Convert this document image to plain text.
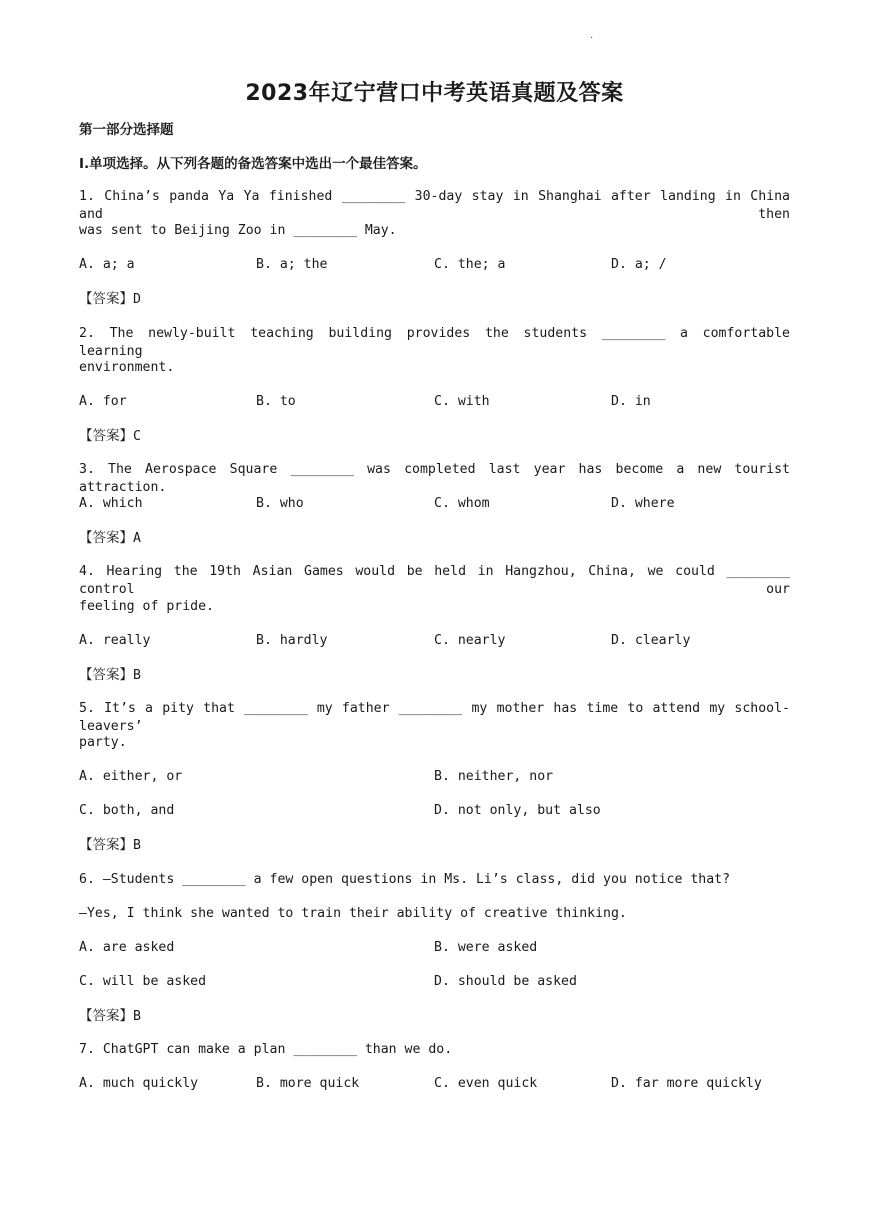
.
2023年辽宁营口中考英语真题及答案
第一部分选择题
Ⅰ.单项选择。从下列各题的备选答案中选出一个最佳答案。
1. China’s panda Ya Ya finished ________ 30-day stay in Shanghai after landing in China and then
was sent to Beijing Zoo in ________ May.
A. a; a	B. a; the	C. the; a	D. a; /
【答案】D
2. The newly-built teaching building provides the students ________ a comfortable learning
environment.
A. for	B. to	C. with	D. in
【答案】C
3. The Aerospace Square ________ was completed last year has become a new tourist attraction.
A. which	B. who	C. whom	D. where
【答案】A
4. Hearing the 19th Asian Games would be held in Hangzhou, China, we could ________ control our
feeling of pride.
A. really	B. hardly	C. nearly	D. clearly
【答案】B
5. It’s a pity that ________ my father ________ my mother has time to attend my school-leavers’
party.
A. either, or	B. neither, nor
C. both, and	D. not only, but also
【答案】B
6. —Students ________ a few open questions in Ms. Li’s class, did you notice that?
—Yes, I think she wanted to train their ability of creative thinking.
A. are asked	B. were asked
C. will be asked	D. should be asked
【答案】B
7. ChatGPT can make a plan ________ than we do.
A. much quickly	B. more quick	C. even quick	D. far more quickly
